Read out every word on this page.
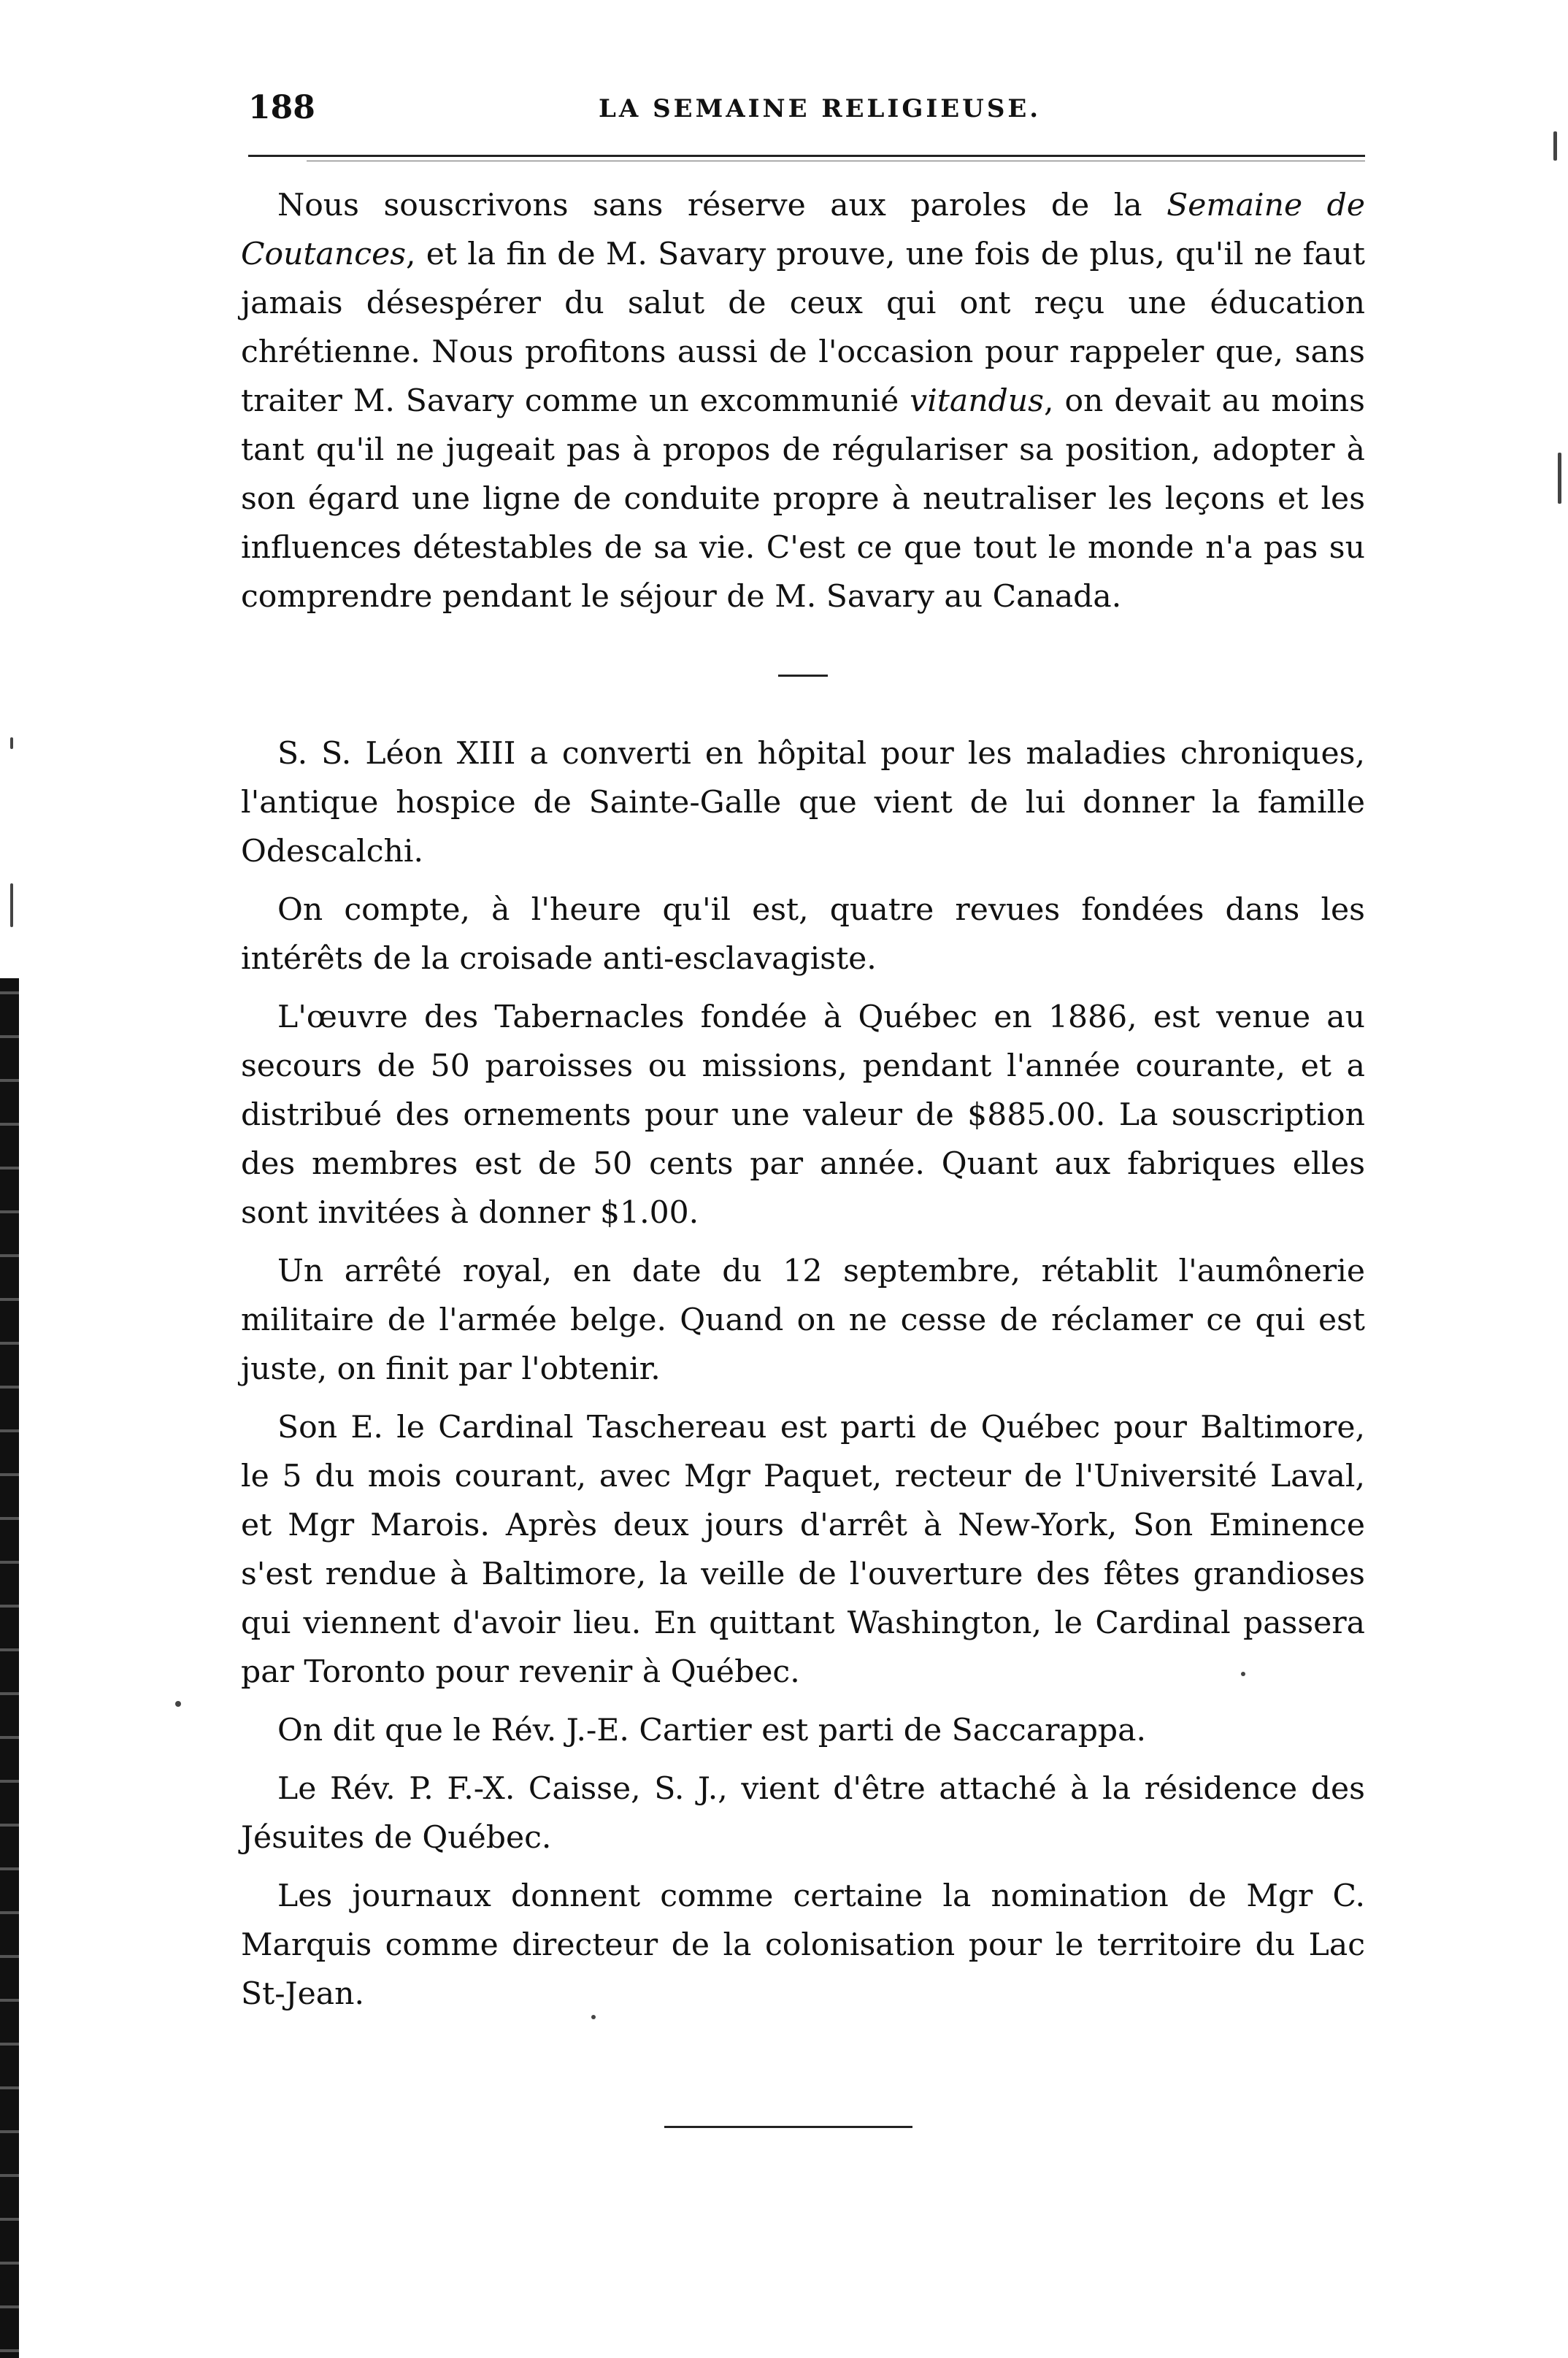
188	LA SEMAINE RELIGIEUSE.

Nous souscrivons sans réserve aux paroles de la Semaine de Coutances, et la fin de M. Savary prouve, une fois de plus, qu'il ne faut jamais désespérer du salut de ceux qui ont reçu une éducation chrétienne. Nous profitons aussi de l'occasion pour rappeler que, sans traiter M. Savary comme un excommunié vitandus, on devait au moins tant qu'il ne jugeait pas à propos de régulariser sa position, adopter à son égard une ligne de conduite propre à neutraliser les leçons et les influences détestables de sa vie. C'est ce que tout le monde n'a pas su comprendre pendant le séjour de M. Savary au Canada.

S. S. Léon XIII a converti en hôpital pour les maladies chroniques, l'antique hospice de Sainte-Galle que vient de lui donner la famille Odescalchi.

On compte, à l'heure qu'il est, quatre revues fondées dans les intérêts de la croisade anti-esclavagiste.

L'œuvre des Tabernacles fondée à Québec en 1886, est venue au secours de 50 paroisses ou missions, pendant l'année courante, et a distribué des ornements pour une valeur de $885.00. La souscription des membres est de 50 cents par année. Quant aux fabriques elles sont invitées à donner $1.00.

Un arrêté royal, en date du 12 septembre, rétablit l'aumônerie militaire de l'armée belge. Quand on ne cesse de réclamer ce qui est juste, on finit par l'obtenir.

Son E. le Cardinal Taschereau est parti de Québec pour Baltimore, le 5 du mois courant, avec Mgr Paquet, recteur de l'Université Laval, et Mgr Marois. Après deux jours d'arrêt à New-York, Son Eminence s'est rendue à Baltimore, la veille de l'ouverture des fêtes grandioses qui viennent d'avoir lieu. En quittant Washington, le Cardinal passera par Toronto pour revenir à Québec.

On dit que le Rév. J.-E. Cartier est parti de Saccarappa.

Le Rév. P. F.-X. Caisse, S. J., vient d'être attaché à la résidence des Jésuites de Québec.

Les journaux donnent comme certaine la nomination de Mgr C. Marquis comme directeur de la colonisation pour le territoire du Lac St-Jean.
